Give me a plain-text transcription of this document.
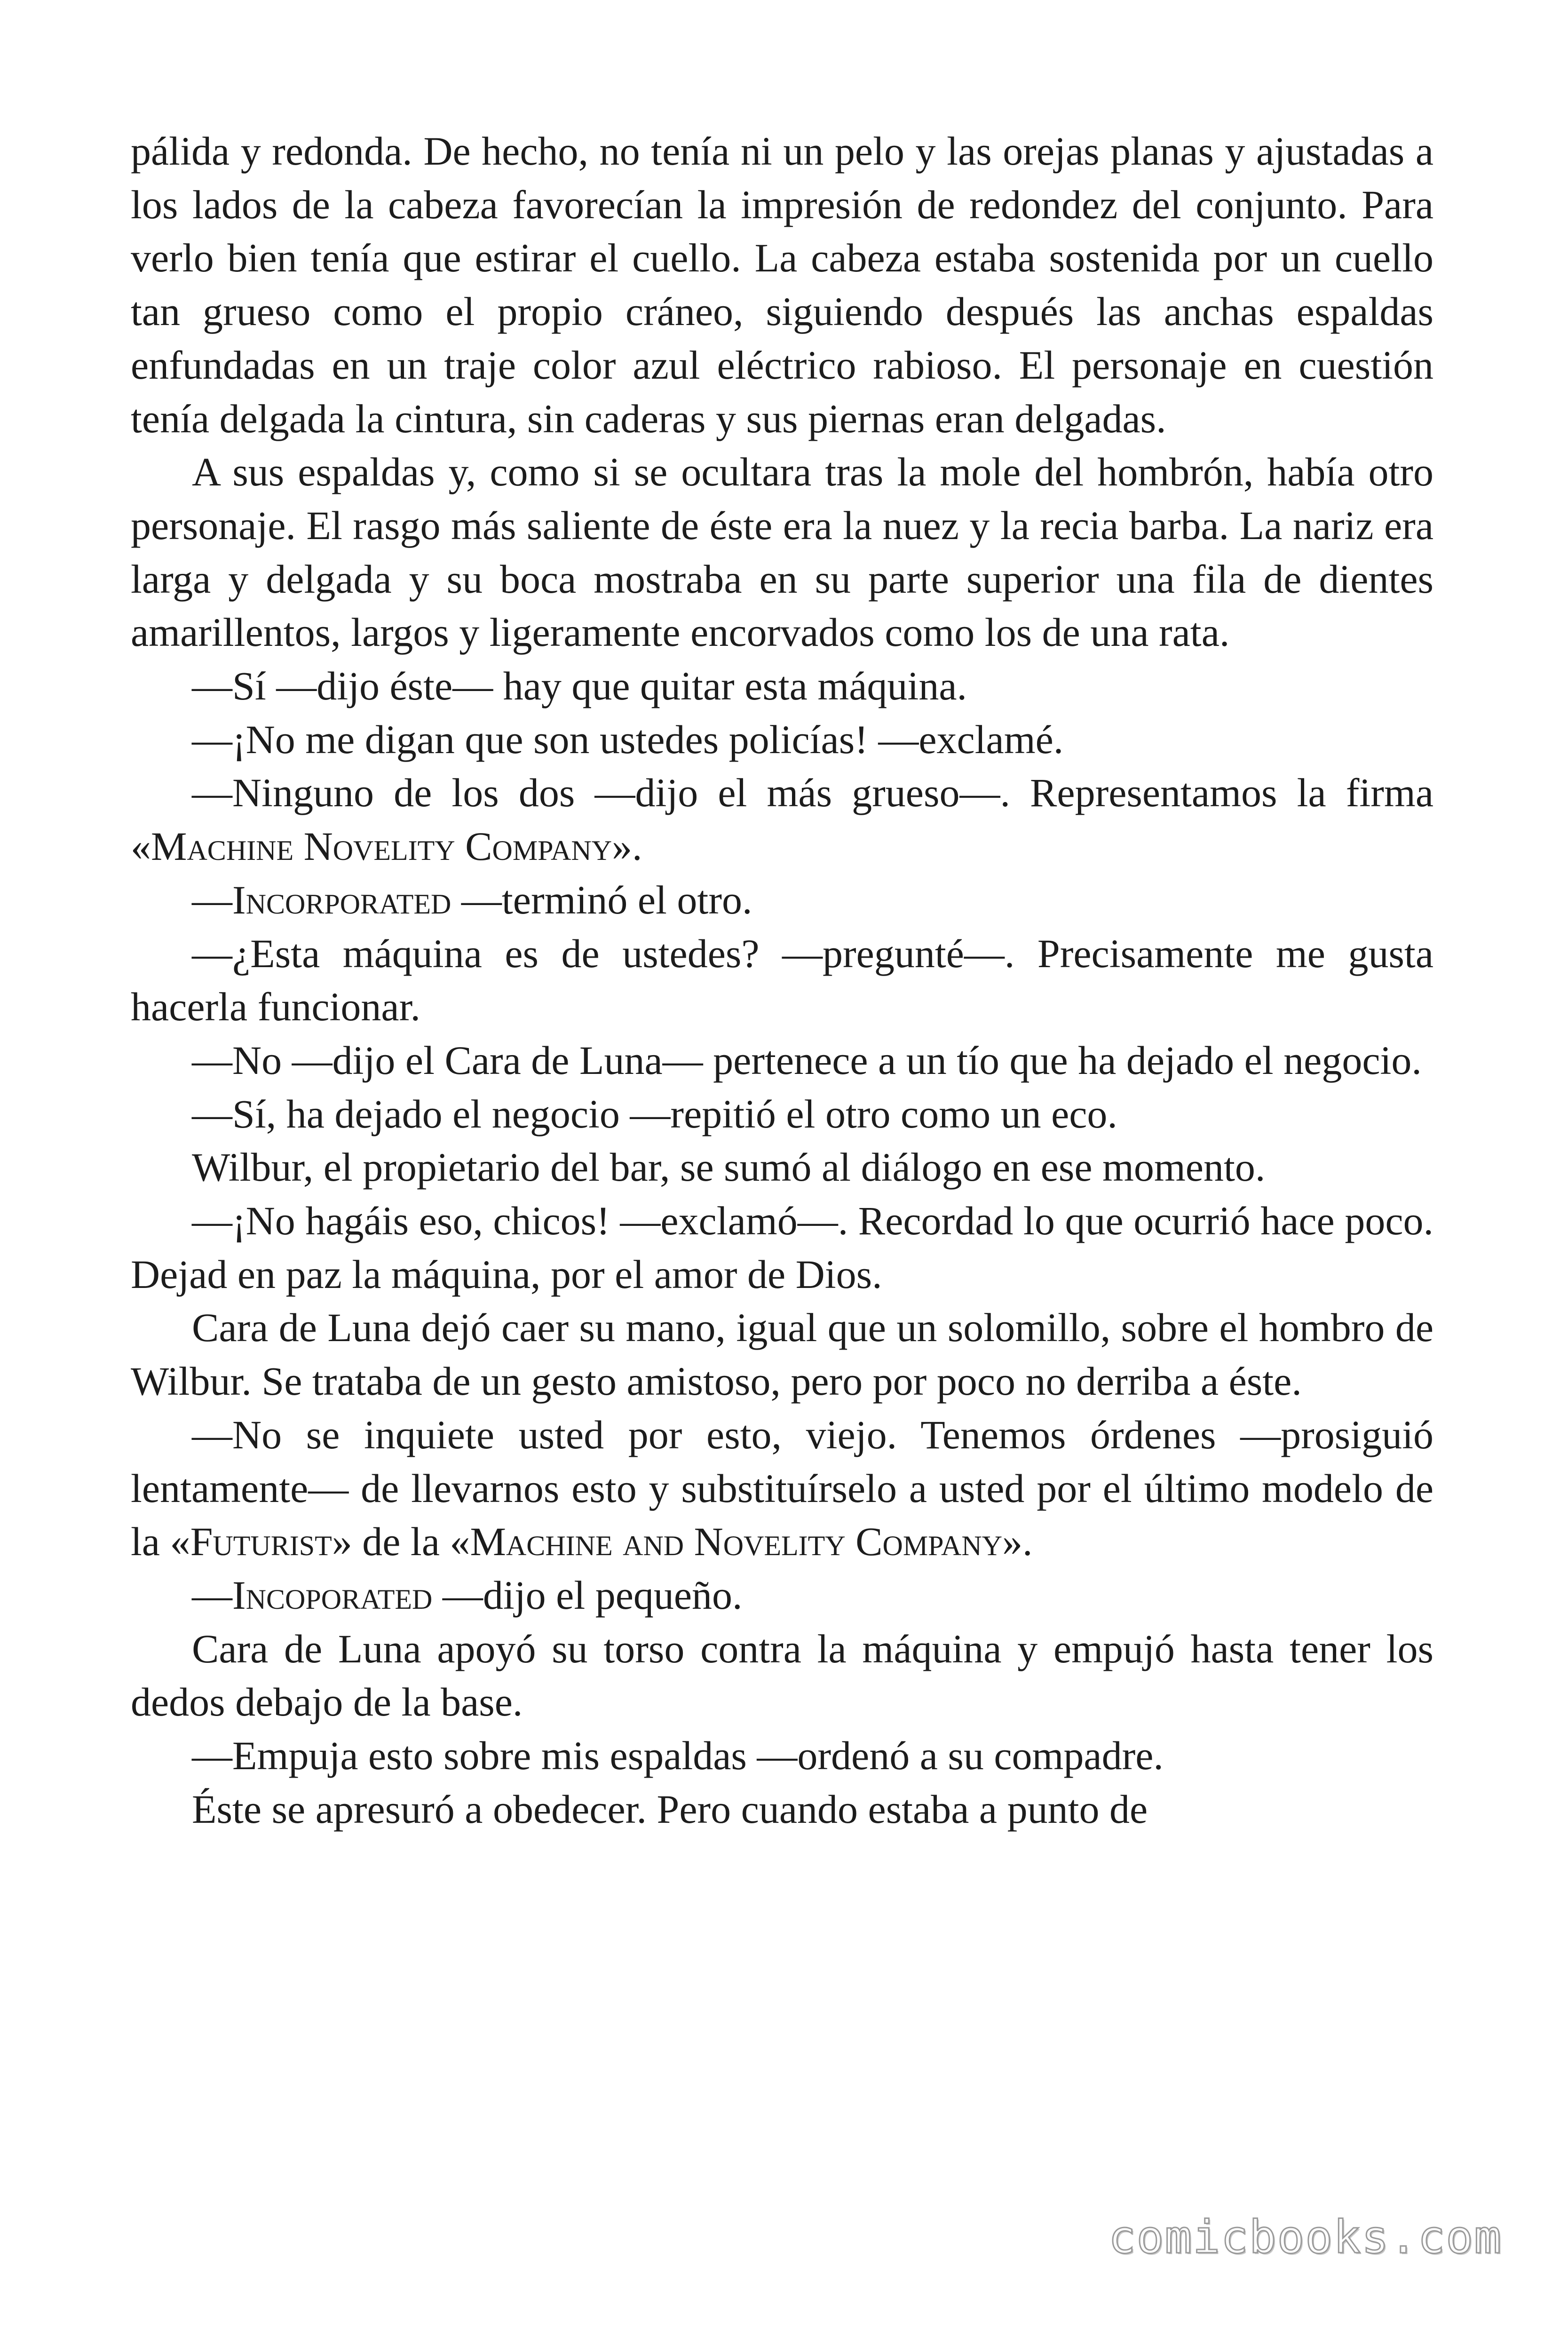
pálida y redonda. De hecho, no tenía ni un pelo y las orejas planas y ajustadas a los lados de la cabeza favorecían la impresión de redondez del conjunto. Para verlo bien tenía que estirar el cuello. La cabeza estaba sostenida por un cuello tan grueso como el propio cráneo, siguiendo después las anchas espaldas enfundadas en un traje color azul eléctrico rabioso. El personaje en cuestión tenía delgada la cintura, sin caderas y sus piernas eran delgadas.

A sus espaldas y, como si se ocultara tras la mole del hombrón, había otro personaje. El rasgo más saliente de éste era la nuez y la recia barba. La nariz era larga y delgada y su boca mostraba en su parte superior una fila de dientes amarillentos, largos y ligeramente encorvados como los de una rata.

—Sí —dijo éste— hay que quitar esta máquina.

—¡No me digan que son ustedes policías! —exclamé.

—Ninguno de los dos —dijo el más grueso—. Representamos la firma «Machine Novelity Company».

—Incorporated —terminó el otro.

—¿Esta máquina es de ustedes? —pregunté—. Precisamente me gusta hacerla funcionar.

—No —dijo el Cara de Luna— pertenece a un tío que ha dejado el negocio.

—Sí, ha dejado el negocio —repitió el otro como un eco.

Wilbur, el propietario del bar, se sumó al diálogo en ese momento.

—¡No hagáis eso, chicos! —exclamó—. Recordad lo que ocurrió hace poco. Dejad en paz la máquina, por el amor de Dios.

Cara de Luna dejó caer su mano, igual que un solomillo, sobre el hombro de Wilbur. Se trataba de un gesto amistoso, pero por poco no derriba a éste.

—No se inquiete usted por esto, viejo. Tenemos órdenes —prosiguió lentamente— de llevarnos esto y substituírselo a usted por el último modelo de la «Futurist» de la «Machine and Novelity Company».

—Incoporated —dijo el pequeño.

Cara de Luna apoyó su torso contra la máquina y empujó hasta tener los dedos debajo de la base.

—Empuja esto sobre mis espaldas —ordenó a su compadre.

Éste se apresuró a obedecer. Pero cuando estaba a punto de

comicbooks.com
